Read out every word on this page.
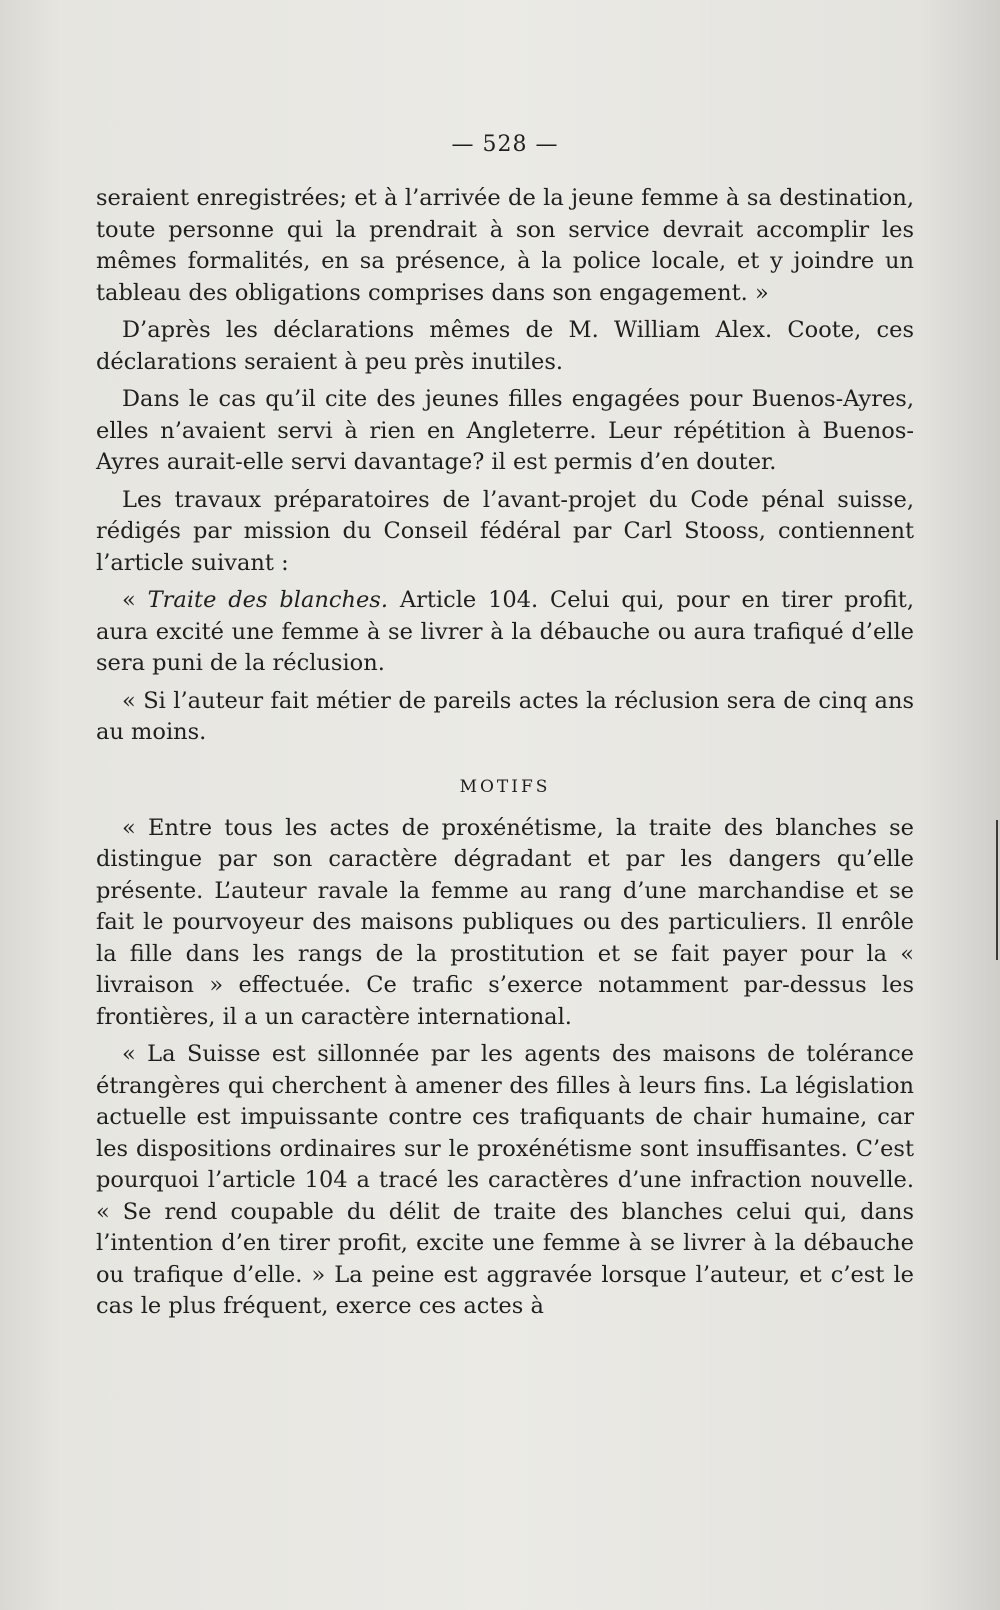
— 528 —

seraient enregistrées; et à l’arrivée de la jeune femme à sa destination, toute personne qui la prendrait à son service devrait accomplir les mêmes formalités, en sa présence, à la police locale, et y joindre un tableau des obligations comprises dans son engagement. »

D’après les déclarations mêmes de M. William Alex. Coote, ces déclarations seraient à peu près inutiles.

Dans le cas qu’il cite des jeunes filles engagées pour Buenos-Ayres, elles n’avaient servi à rien en Angleterre. Leur répétition à Buenos-Ayres aurait-elle servi davantage? il est permis d’en douter.

Les travaux préparatoires de l’avant-projet du Code pénal suisse, rédigés par mission du Conseil fédéral par Carl Stooss, contiennent l’article suivant :

« Traite des blanches. Article 104. Celui qui, pour en tirer profit, aura excité une femme à se livrer à la débauche ou aura trafiqué d’elle sera puni de la réclusion.

« Si l’auteur fait métier de pareils actes la réclusion sera de cinq ans au moins.

MOTIFS

« Entre tous les actes de proxénétisme, la traite des blanches se distingue par son caractère dégradant et par les dangers qu’elle présente. L’auteur ravale la femme au rang d’une marchandise et se fait le pourvoyeur des maisons publiques ou des particuliers. Il enrôle la fille dans les rangs de la prostitution et se fait payer pour la « livraison » effectuée. Ce trafic s’exerce notamment par-dessus les frontières, il a un caractère international.

« La Suisse est sillonnée par les agents des maisons de tolérance étrangères qui cherchent à amener des filles à leurs fins. La législation actuelle est impuissante contre ces trafiquants de chair humaine, car les dispositions ordinaires sur le proxénétisme sont insuffisantes. C’est pourquoi l’article 104 a tracé les caractères d’une infraction nouvelle. « Se rend coupable du délit de traite des blanches celui qui, dans l’intention d’en tirer profit, excite une femme à se livrer à la débauche ou trafique d’elle. » La peine est aggravée lorsque l’auteur, et c’est le cas le plus fréquent, exerce ces actes à
